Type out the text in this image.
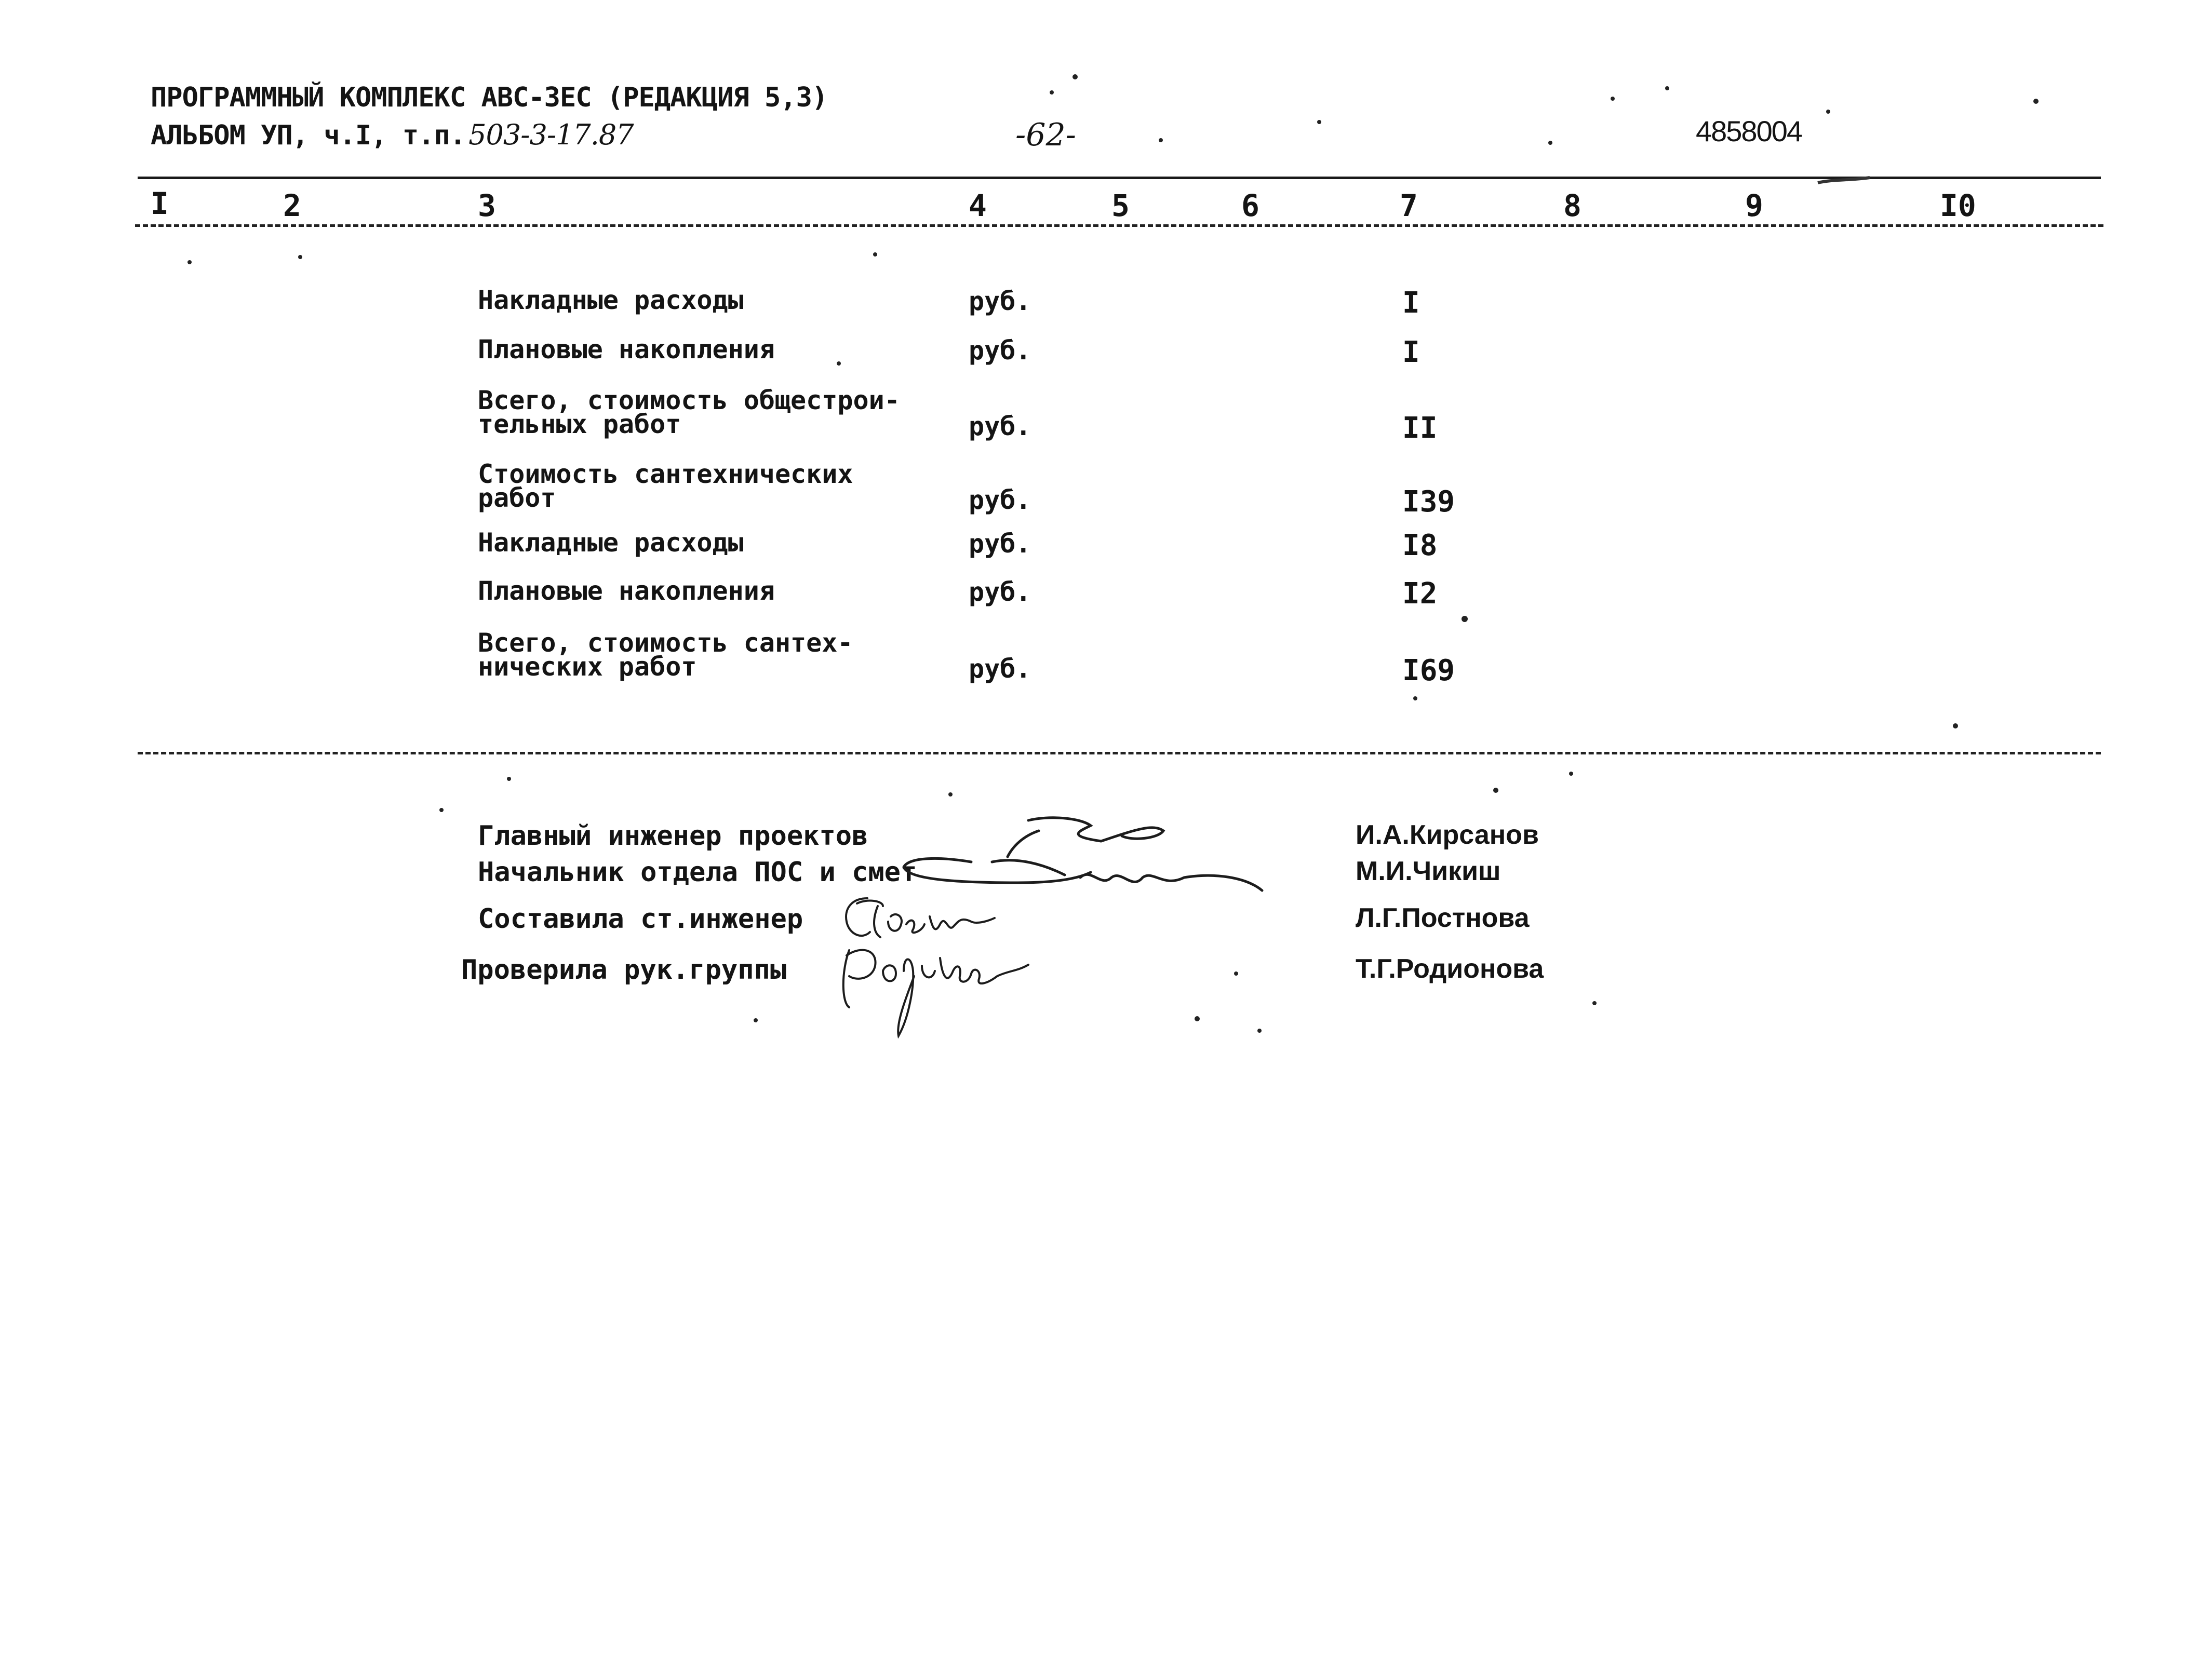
ПРОГРАММНЫЙ КОМПЛЕКС АВС-ЗЕС (РЕДАКЦИЯ 5,3)
АЛЬБОМ УП, ч.I, т.п. 503-3-17.87	-62-	4858004
I	2	3	4	5	6	7	8	9	I0
Накладные расходы	руб.	I
Плановые накопления	руб.	I
Всего, стоимость общестрои-
тельных работ	руб.	II
Стоимость сантехнических
работ	руб.	I39
Накладные расходы	руб.	I8
Плановые накопления	руб.	I2
Всего, стоимость сантех-
нических работ	руб.	I69
Главный инженер проектов	И.А.Кирсанов
Начальник отдела ПОС и смет	М.И.Чикиш
Составила ст.инженер	Л.Г.Постнова
Проверила рук.группы	Т.Г.Родионова
